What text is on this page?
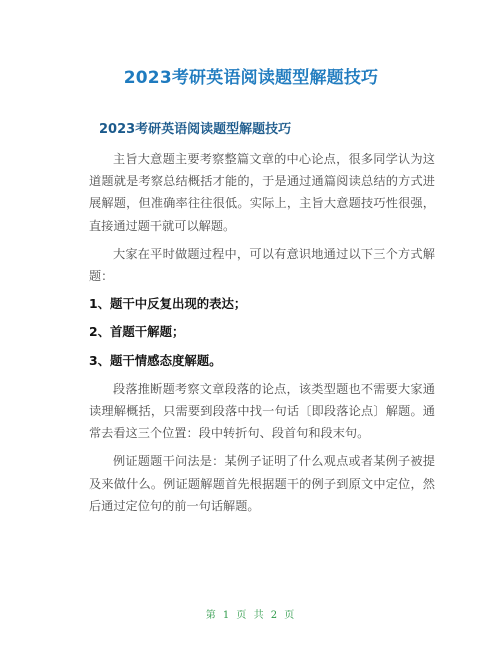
2023考研英语阅读题型解题技巧
2023考研英语阅读题型解题技巧

主旨大意题主要考察整篇文章的中心论点，很多同学认为这道题就是考察总结概括才能的，于是通过通篇阅读总结的方式进展解题，但准确率往往很低。实际上，主旨大意题技巧性很强，直接通过题干就可以解题。

大家在平时做题过程中，可以有意识地通过以下三个方式解题：

1、题干中反复出现的表达；
2、首题干解题；
3、题干情感态度解题。

段落推断题考察文章段落的论点，该类型题也不需要大家通读理解概括，只需要到段落中找一句话〔即段落论点〕解题。通常去看这三个位置：段中转折句、段首句和段末句。

例证题题干问法是：某例子证明了什么观点或者某例子被提及来做什么。例证题解题首先根据题干的例子到原文中定位，然后通过定位句的前一句话解题。

第 1 页 共 2 页
